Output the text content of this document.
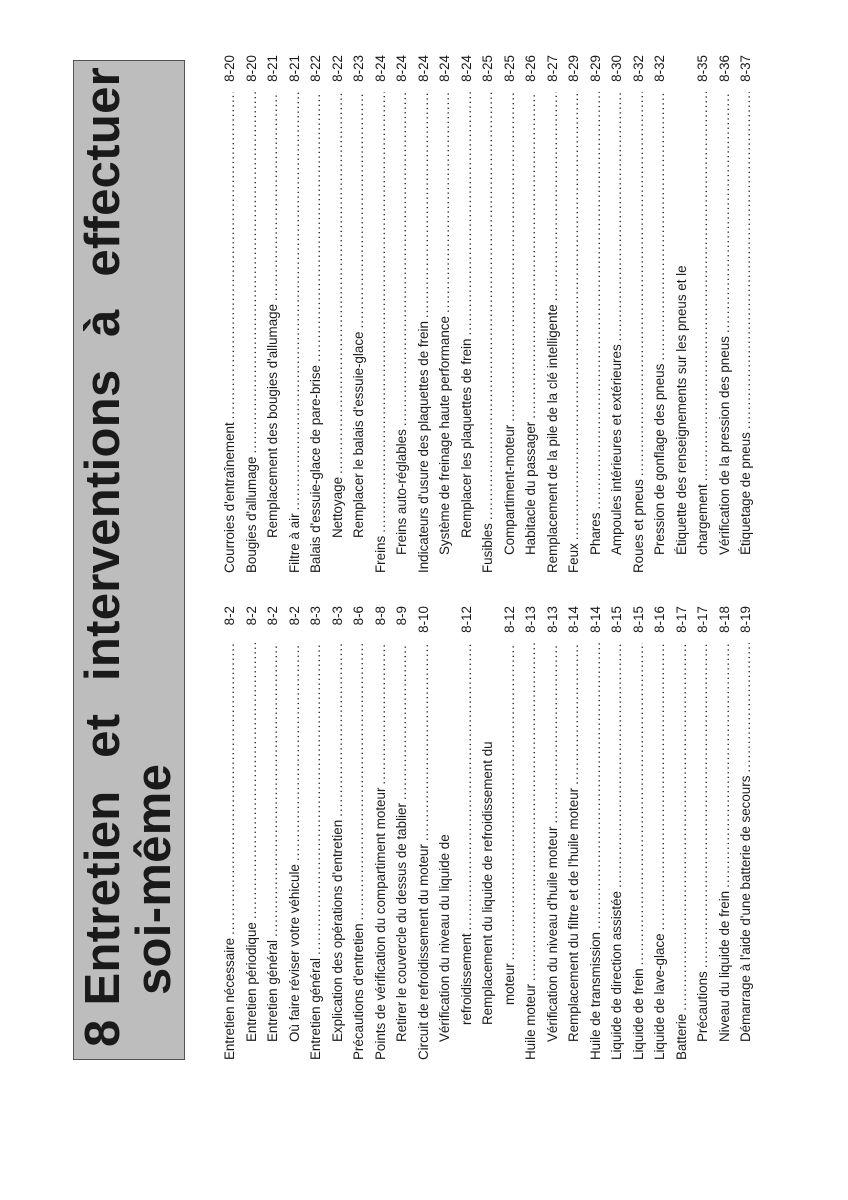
8 Entretien
et
interventions
à
effectuer
soi-même
Entretien nécessaire
.....
8-2
Entretien périodique
.....
8-2
Entretien général
.....
8-2
Où faire réviser votre véhicule
.....
8-2
Entretien général
.....
8-3
Explication des opérations d'entretien
.....
8-3
Précautions d'entretien
.....
8-6
Points de vérification du compartiment moteur
.....
8-8
Retirer le couvercle du dessus de tablier
.....
8-9
Circuit de refroidissement du moteur
.....
8-10
Vérification du niveau du liquide de refroidissement
.....
8-12
Remplacement du liquide de refroidissement du moteur
.....
8-12
Huile moteur
.....
8-13
Vérification du niveau d'huile moteur
.....
8-13
Remplacement du filtre et de l'huile moteur
.....
8-14
Huile de transmission
.....
8-14
Liquide de direction assistée
.....
8-15
Liquide de frein
.....
8-15
Liquide de lave-glace
.....
8-16
Batterie
.....
8-17
Précautions
.....
8-17
Niveau du liquide de frein
.....
8-18
Démarrage à l'aide d'une batterie de secours
.....
8-19
Courroies d'entraînement
.....
8-20
Bougies d'allumage
.....
8-20
Remplacement des bougies d'allumage
.....
8-21
Filtre à air
.....
8-21
Balais d'essuie-glace de pare-brise
.....
8-22
Nettoyage
.....
8-22
Remplacer le balais d'essuie-glace
.....
8-23
Freins
.....
8-24
Freins auto-réglables
.....
8-24
Indicateurs d'usure des plaquettes de frein
.....
8-24
Système de freinage haute performance
.....
8-24
Remplacer les plaquettes de frein
.....
8-24
Fusibles
.....
8-25
Compartiment-moteur
.....
8-25
Habitacle du passager
.....
8-26
Remplacement de la pile de la clé intelligente
.....
8-27
Feux
.....
8-29
Phares
.....
8-29
Ampoules intérieures et extérieures
.....
8-30
Roues et pneus
.....
8-32
Pression de gonflage des pneus
.....
8-32
Étiquette des renseignements sur les pneus et le chargement
.....
8-35
Vérification de la pression des pneus
.....
8-36
Étiquetage de pneus
.....
8-37
